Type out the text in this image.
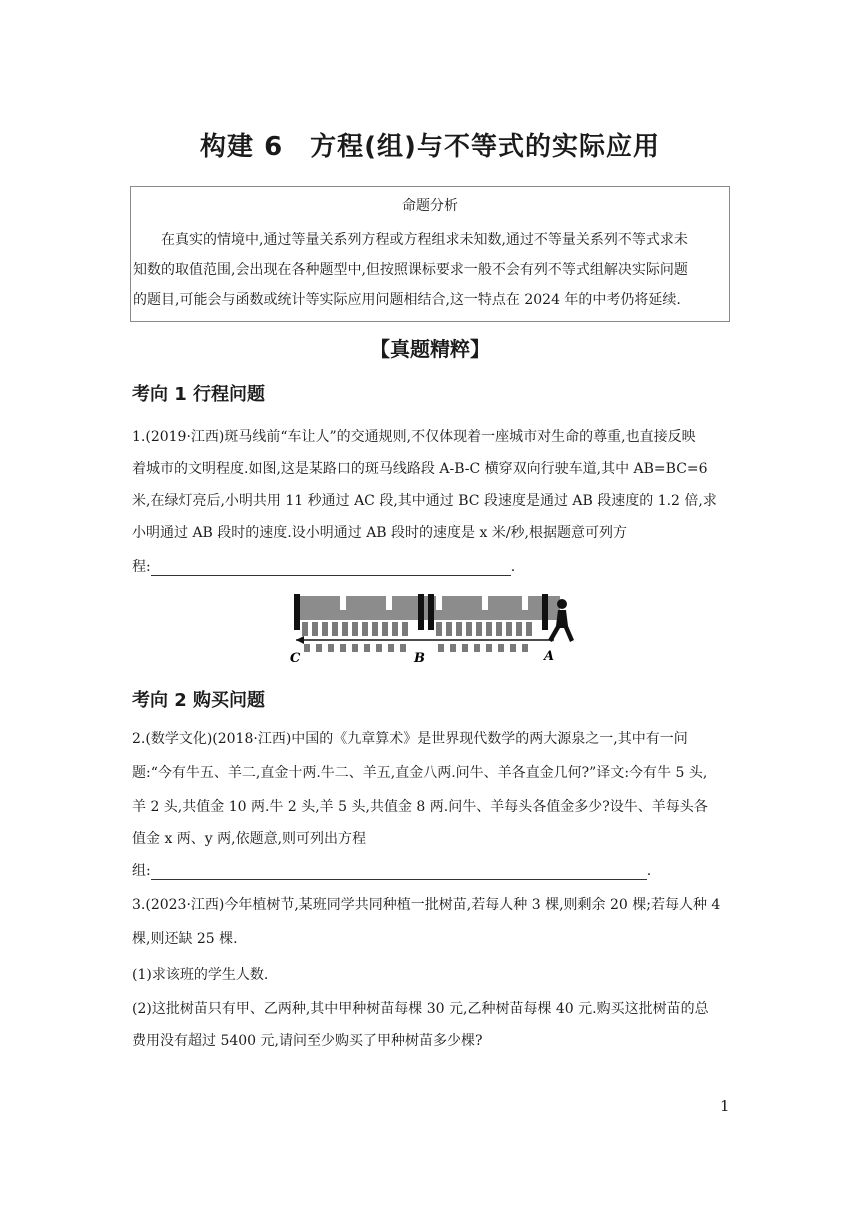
构建 6　方程(组)与不等式的实际应用
命题分析
在真实的情境中,通过等量关系列方程或方程组求未知数,通过不等量关系列不等式求未
知数的取值范围,会出现在各种题型中,但按照课标要求一般不会有列不等式组解决实际问题
的题目,可能会与函数或统计等实际应用问题相结合,这一特点在 2024 年的中考仍将延续.
【真题精粹】
考向 1 行程问题
1.(2019·江西)斑马线前“车让人”的交通规则,不仅体现着一座城市对生命的尊重,也直接反映
着城市的文明程度.如图,这是某路口的斑马线路段 A-B-C 横穿双向行驶车道,其中 AB=BC=6
米,在绿灯亮后,小明共用 11 秒通过 AC 段,其中通过 BC 段速度是通过 AB 段速度的 1.2 倍,求
小明通过 AB 段时的速度.设小明通过 AB 段时的速度是 x 米/秒,根据题意可列方
程:	.
C	B	A
考向 2 购买问题
2.(数学文化)(2018·江西)中国的《九章算术》是世界现代数学的两大源泉之一,其中有一问
题:“今有牛五、羊二,直金十两.牛二、羊五,直金八两.问牛、羊各直金几何?”译文:今有牛 5 头,
羊 2 头,共值金 10 两.牛 2 头,羊 5 头,共值金 8 两.问牛、羊每头各值金多少?设牛、羊每头各
值金 x 两、y 两,依题意,则可列出方程
组:	.
3.(2023·江西)今年植树节,某班同学共同种植一批树苗,若每人种 3 棵,则剩余 20 棵;若每人种 4
棵,则还缺 25 棵.
(1)求该班的学生人数.
(2)这批树苗只有甲、乙两种,其中甲种树苗每棵 30 元,乙种树苗每棵 40 元.购买这批树苗的总
费用没有超过 5400 元,请问至少购买了甲种树苗多少棵?
1
